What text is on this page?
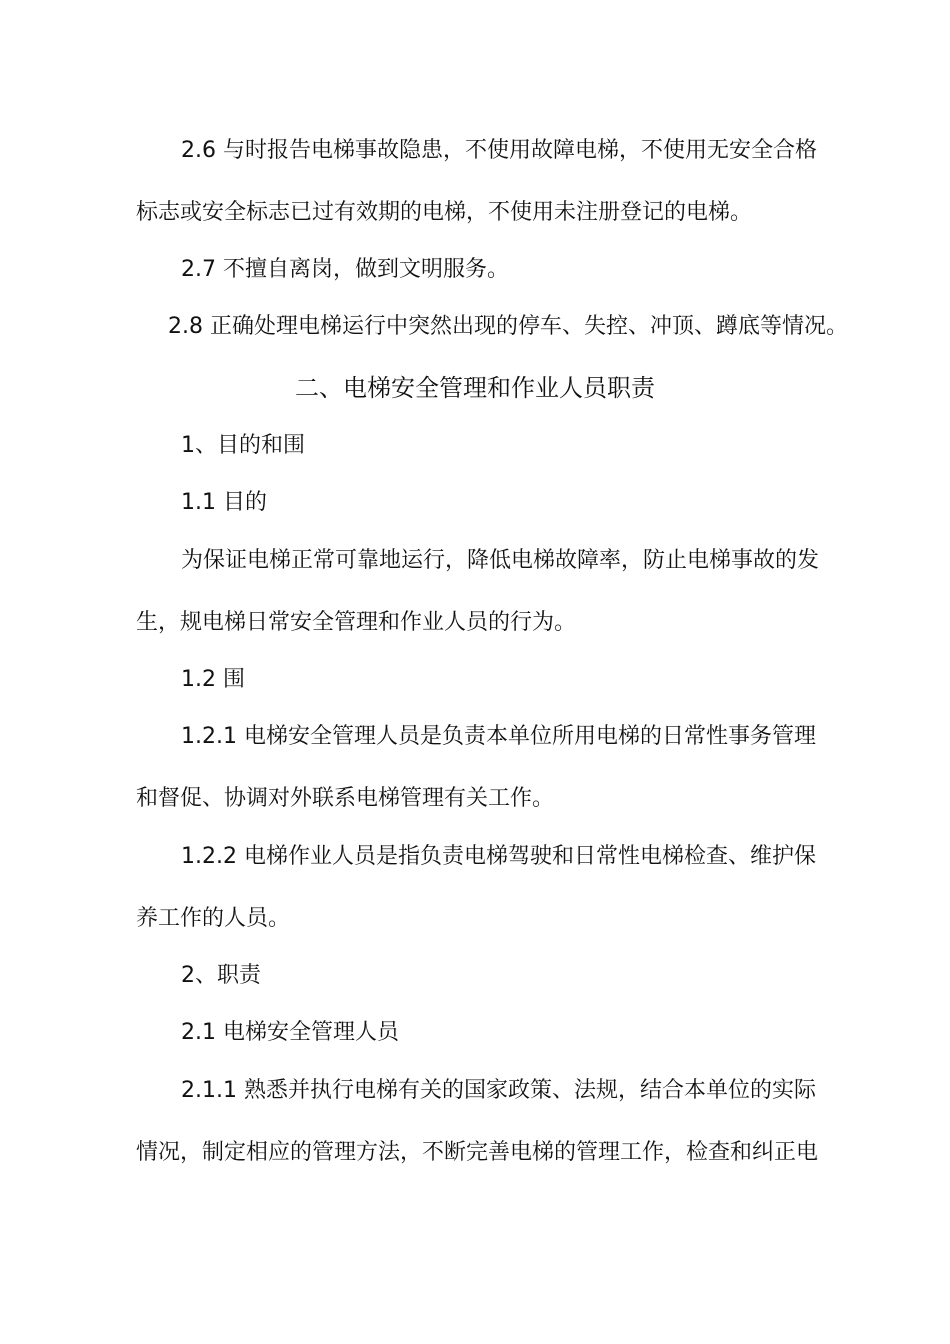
2.6 与时报告电梯事故隐患，不使用故障电梯，不使用无安全合格
标志或安全标志已过有效期的电梯，不使用未注册登记的电梯。
2.7 不擅自离岗，做到文明服务。
2.8 正确处理电梯运行中突然出现的停车、失控、冲顶、蹲底等情况。
二、电梯安全管理和作业人员职责
1、目的和围
1.1 目的
为保证电梯正常可靠地运行，降低电梯故障率，防止电梯事故的发
生，规电梯日常安全管理和作业人员的行为。
1.2 围
1.2.1 电梯安全管理人员是负责本单位所用电梯的日常性事务管理
和督促、协调对外联系电梯管理有关工作。
1.2.2 电梯作业人员是指负责电梯驾驶和日常性电梯检查、维护保
养工作的人员。
2、职责
2.1 电梯安全管理人员
2.1.1 熟悉并执行电梯有关的国家政策、法规，结合本单位的实际
情况，制定相应的管理方法，不断完善电梯的管理工作，检查和纠正电
